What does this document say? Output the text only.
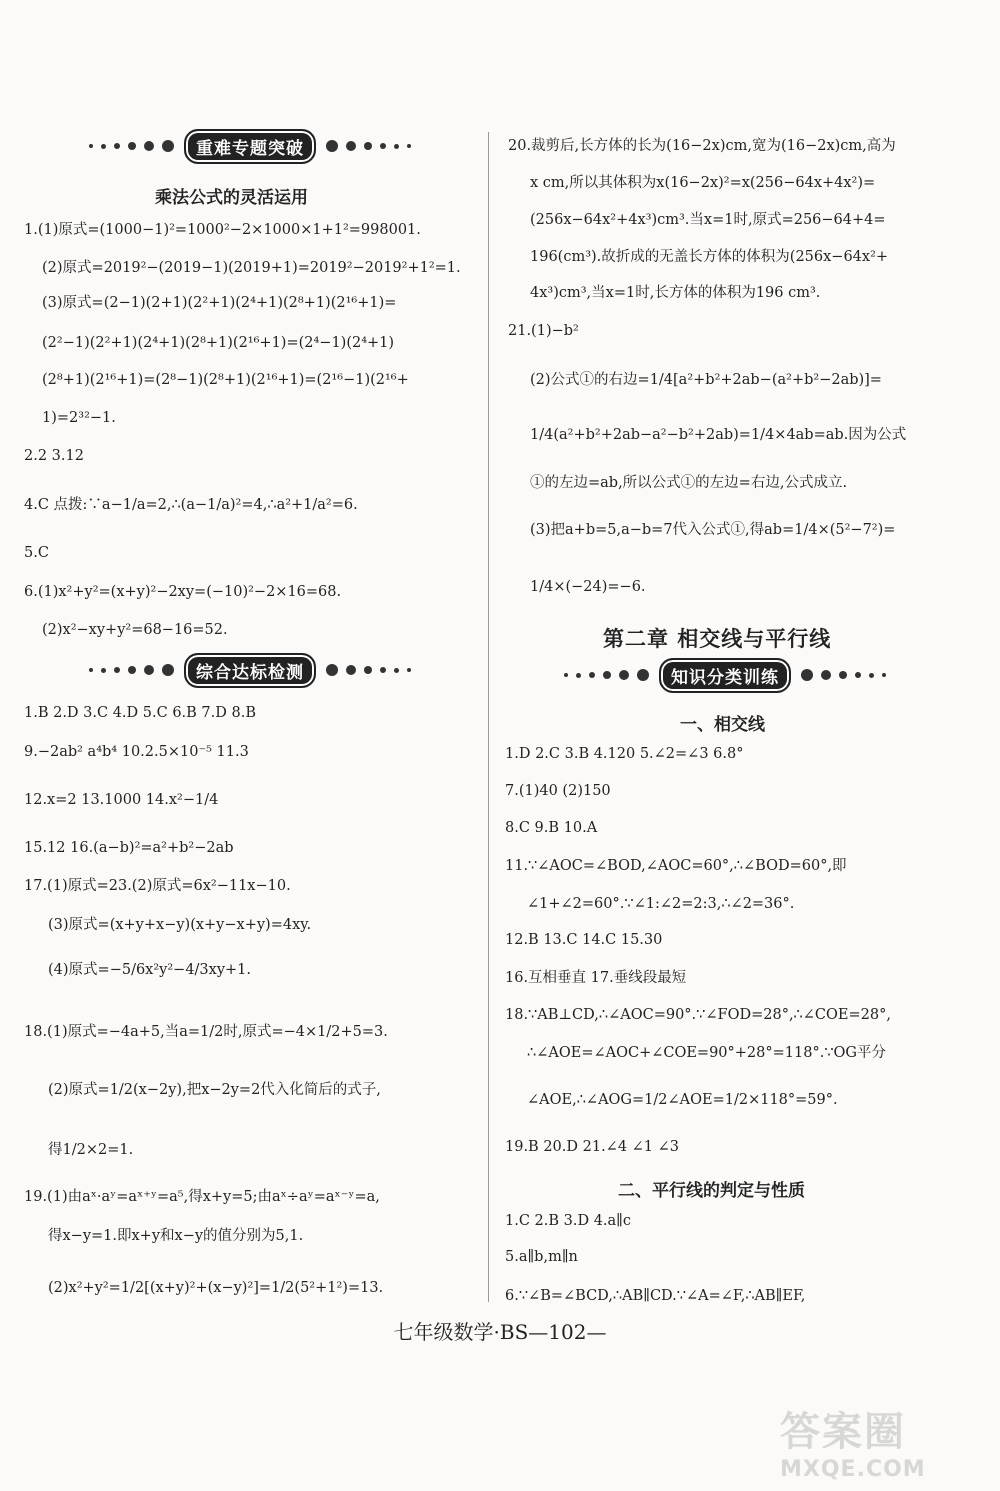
重难专题突破
乘法公式的灵活运用
1.(1)原式=(1000−1)²=1000²−2×1000×1+1²=998001.
(2)原式=2019²−(2019−1)(2019+1)=2019²−2019²+1²=1.
(3)原式=(2−1)(2+1)(2²+1)(2⁴+1)(2⁸+1)(2¹⁶+1)=
(2²−1)(2²+1)(2⁴+1)(2⁸+1)(2¹⁶+1)=(2⁴−1)(2⁴+1)
(2⁸+1)(2¹⁶+1)=(2⁸−1)(2⁸+1)(2¹⁶+1)=(2¹⁶−1)(2¹⁶+
1)=2³²−1.
2.2 3.12
4.C 点拨:∵a−1/a=2,∴(a−1/a)²=4,∴a²+1/a²=6.
5.C
6.(1)x²+y²=(x+y)²−2xy=(−10)²−2×16=68.
(2)x²−xy+y²=68−16=52.
综合达标检测
1.B 2.D 3.C 4.D 5.C 6.B 7.D 8.B
9.−2ab² a⁴b⁴ 10.2.5×10⁻⁵ 11.3
12.x=2 13.1000 14.x²−1/4
15.12 16.(a−b)²=a²+b²−2ab
17.(1)原式=23.(2)原式=6x²−11x−10.
(3)原式=(x+y+x−y)(x+y−x+y)=4xy.
(4)原式=−5/6x²y²−4/3xy+1.
18.(1)原式=−4a+5,当a=1/2时,原式=−4×1/2+5=3.
(2)原式=1/2(x−2y),把x−2y=2代入化简后的式子,
得1/2×2=1.
19.(1)由aˣ·aʸ=aˣ⁺ʸ=a⁵,得x+y=5;由aˣ÷aʸ=aˣ⁻ʸ=a,
得x−y=1.即x+y和x−y的值分别为5,1.
(2)x²+y²=1/2[(x+y)²+(x−y)²]=1/2(5²+1²)=13.
20.裁剪后,长方体的长为(16−2x)cm,宽为(16−2x)cm,高为
x cm,所以其体积为x(16−2x)²=x(256−64x+4x²)=
(256x−64x²+4x³)cm³.当x=1时,原式=256−64+4=
196(cm³).故折成的无盖长方体的体积为(256x−64x²+
4x³)cm³,当x=1时,长方体的体积为196 cm³.
21.(1)−b²
(2)公式①的右边=1/4[a²+b²+2ab−(a²+b²−2ab)]=
1/4(a²+b²+2ab−a²−b²+2ab)=1/4×4ab=ab.因为公式
①的左边=ab,所以公式①的左边=右边,公式成立.
(3)把a+b=5,a−b=7代入公式①,得ab=1/4×(5²−7²)=
1/4×(−24)=−6.
第二章 相交线与平行线
知识分类训练
一、相交线
1.D 2.C 3.B 4.120 5.∠2=∠3 6.8°
7.(1)40 (2)150
8.C 9.B 10.A
11.∵∠AOC=∠BOD,∠AOC=60°,∴∠BOD=60°,即
∠1+∠2=60°.∵∠1:∠2=2:3,∴∠2=36°.
12.B 13.C 14.C 15.30
16.互相垂直 17.垂线段最短
18.∵AB⊥CD,∴∠AOC=90°.∵∠FOD=28°,∴∠COE=28°,
∴∠AOE=∠AOC+∠COE=90°+28°=118°.∵OG平分
∠AOE,∴∠AOG=1/2∠AOE=1/2×118°=59°.
19.B 20.D 21.∠4 ∠1 ∠3
二、平行线的判定与性质
1.C 2.B 3.D 4.a∥c
5.a∥b,m∥n
6.∵∠B=∠BCD,∴AB∥CD.∵∠A=∠F,∴AB∥EF,
七年级数学·BS—102—
答案圈
MXQE.COM
